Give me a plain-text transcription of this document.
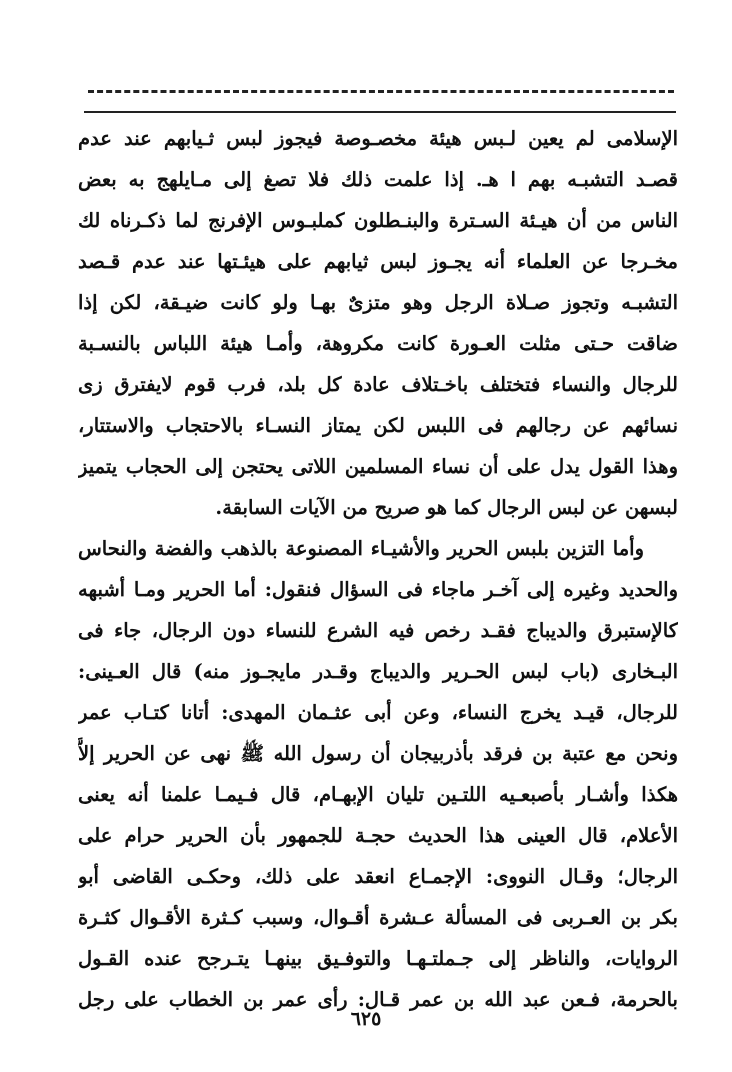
الإسلامى لم يعين لـبس هيئة مخصـوصة فيجوز لبس ثـيابهم عند عدم
قصـد التشبـه بهم ا هـ. إذا علمت ذلك فلا تصغ إلى مـايلهج به بعض
الناس من أن هيـئة السـترة والبنـطلون كملبـوس الإفرنج لما ذكـرناه لك
مخـرجا عن العلماء أنه يجـوز لبس ثيابهم على هيئـتها عند عدم قـصد
التشبـه وتجوز صـلاة الرجل وهو متزىٌ بهـا ولو كانت ضيـقة، لكن إذا
ضاقت حـتى مثلت العـورة كانت مكروهة، وأمـا هيئة اللباس بالنسـبة
للرجال والنساء فتختلف باخـتلاف عادة كل بلد، فرب قوم لايفترق زى
نسائهم عن رجالهم فى اللبس لكن يمتاز النسـاء بالاحتجاب والاستتار،
وهذا القول يدل على أن نساء المسلمين اللاتى يحتجن إلى الحجاب يتميز
لبسهن عن لبس الرجال كما هو صريح من الآيات السابقة.
وأما التزين بلبس الحرير والأشيـاء المصنوعة بالذهب والفضة والنحاس
والحديد وغيره إلى آخـر ماجاء فى السؤال فنقول: أما الحرير ومـا أشبهه
كالإستبرق والديباج فقـد رخص فيه الشرع للنساء دون الرجال، جاء فى
البـخارى (باب لبس الحـرير والديباج وقـدر مايجـوز منه) قال العـينى:
للرجال، قيـد يخرج النساء، وعن أبى عثـمان المهدى: أتانا كتـاب عمر
ونحن مع عتبة بن فرقد بأذربيجان أن رسول الله ﷺ نهى عن الحرير إلاَّ
هكذا وأشـار بأصبعـيه اللتـين تليان الإبهـام، قال فـيمـا علمنا أنه يعنى
الأعلام، قال العينى هذا الحديث حجـة للجمهور بأن الحرير حرام على
الرجال؛ وقـال النووى: الإجمـاع انعقد على ذلك، وحكـى القاضى أبو
بكر بن العـربى فى المسألة عـشرة أقـوال، وسبب كـثرة الأقـوال كثـرة
الروايات، والناظر إلى جـملتـهـا والتوفـيق بينهـا يتـرجح عنده القـول
بالحرمة، فـعن عبد الله بن عمر قـال: رأى عمر بن الخطاب على رجل
٦٢٥
